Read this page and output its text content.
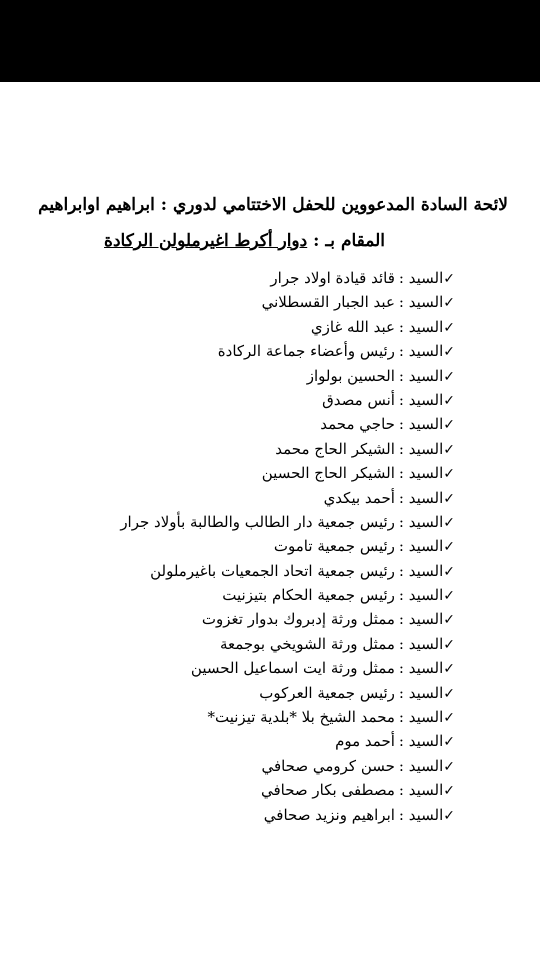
لائحة السادة المدعووين للحفل الاختتامي لدوري : ابراهيم اوابراهيم
المقام بـ : دوار أكرط اغيرملولن الركادة
✓السيد :قائد قيادة اولاد جرار
✓السيد :عبد الجبار القسطلاني
✓السيد :عبد الله غازي
✓السيد :رئيس وأعضاء جماعة الركادة
✓السيد :الحسين بولواز
✓السيد :أنس مصدق
✓السيد :حاجي محمد
✓السيد :الشيكر الحاج محمد
✓السيد :الشيكر الحاج الحسين
✓السيد :أحمد بيكدي
✓السيد :رئيس جمعية دار الطالب والطالبة بأولاد جرار
✓السيد :رئيس جمعية تاموت
✓السيد :رئيس جمعية اتحاد الجمعيات باغيرملولن
✓السيد :رئيس جمعية الحكام بتيزنيت
✓السيد :ممثل ورثة إدبروك بدوار تغزوت
✓السيد :ممثل ورثة الشويخي بوجمعة
✓السيد :ممثل ورثة ايت اسماعيل الحسين
✓السيد :رئيس جمعية العركوب
✓السيد :محمد الشيخ بلا *بلدية تيزنيت*
✓السيد :أحمد موم
✓السيد :حسن كرومي صحافي
✓السيد :مصطفى بكار صحافي
✓السيد :ابراهيم ونزيد صحافي
